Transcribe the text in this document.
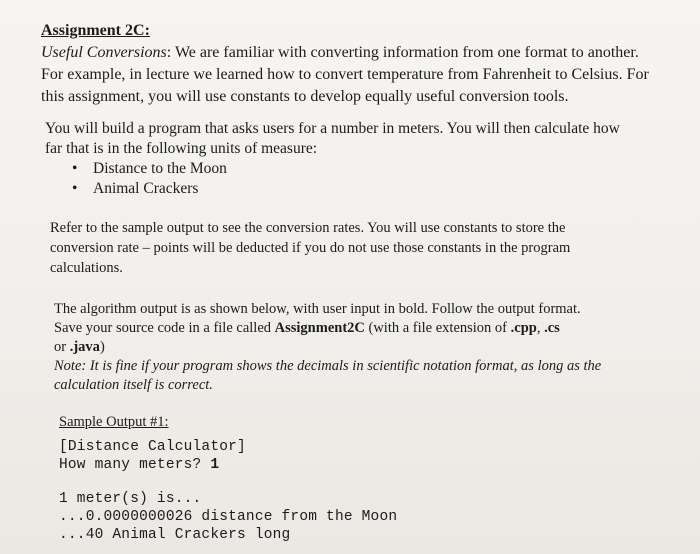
Assignment 2C:
Useful Conversions: We are familiar with converting information from one format to another.
For example, in lecture we learned how to convert temperature from Fahrenheit to Celsius. For
this assignment, you will use constants to develop equally useful conversion tools.
You will build a program that asks users for a number in meters. You will then calculate how
far that is in the following units of measure:
• Distance to the Moon
• Animal Crackers
Refer to the sample output to see the conversion rates. You will use constants to store the
conversion rate – points will be deducted if you do not use those constants in the program
calculations.
The algorithm output is as shown below, with user input in bold. Follow the output format.
Save your source code in a file called Assignment2C (with a file extension of .cpp, .cs
or .java)
Note: It is fine if your program shows the decimals in scientific notation format, as long as the
calculation itself is correct.
Sample Output #1:
[Distance Calculator]
How many meters? 1
1 meter(s) is...
...0.0000000026 distance from the Moon
...40 Animal Crackers long
